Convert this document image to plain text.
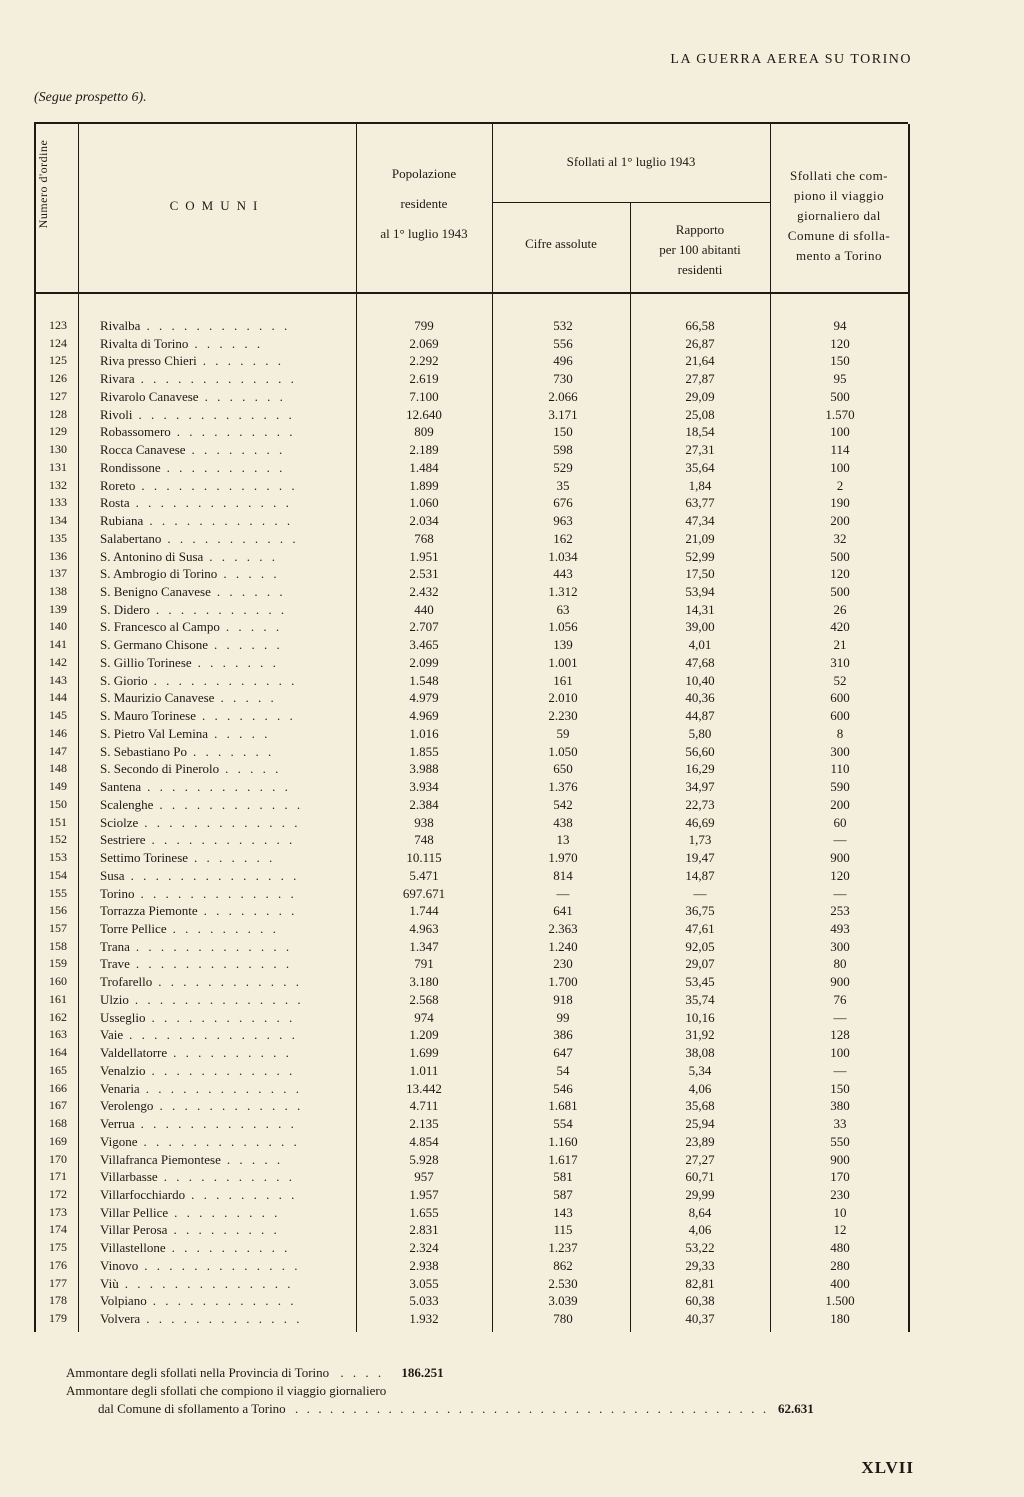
LA GUERRA AEREA SU TORINO
(Segue prospetto 6).
Numero d'ordine	COMUNI
Popolazione
residente
al 1° luglio 1943
Sfollati al 1° luglio 1943
Cifre assolute
Rapporto
per 100 abitanti
residenti
Sfollati che com-
piono il viaggio
giornaliero dal
Comune di sfolla-
mento a Torino
123	Rivalba . . . . . . . . . . . .	799	532	66,58	94
124	Rivalta di Torino . . . . . .	2.069	556	26,87	120
125	Riva presso Chieri . . . . . . .	2.292	496	21,64	150
126	Rivara . . . . . . . . . . . . .	2.619	730	27,87	95
127	Rivarolo Canavese . . . . . . .	7.100	2.066	29,09	500
128	Rivoli . . . . . . . . . . . . .	12.640	3.171	25,08	1.570
129	Robassomero . . . . . . . . . .	809	150	18,54	100
130	Rocca Canavese . . . . . . . .	2.189	598	27,31	114
131	Rondissone . . . . . . . . . .	1.484	529	35,64	100
132	Roreto . . . . . . . . . . . . .	1.899	35	1,84	2
133	Rosta . . . . . . . . . . . . .	1.060	676	63,77	190
134	Rubiana . . . . . . . . . . . .	2.034	963	47,34	200
135	Salabertano . . . . . . . . . . .	768	162	21,09	32
136	S. Antonino di Susa . . . . . .	1.951	1.034	52,99	500
137	S. Ambrogio di Torino . . . . .	2.531	443	17,50	120
138	S. Benigno Canavese . . . . . .	2.432	1.312	53,94	500
139	S. Didero . . . . . . . . . . .	440	63	14,31	26
140	S. Francesco al Campo . . . . .	2.707	1.056	39,00	420
141	S. Germano Chisone . . . . . .	3.465	139	4,01	21
142	S. Gillio Torinese . . . . . . .	2.099	1.001	47,68	310
143	S. Giorio . . . . . . . . . . . .	1.548	161	10,40	52
144	S. Maurizio Canavese . . . . .	4.979	2.010	40,36	600
145	S. Mauro Torinese . . . . . . . .	4.969	2.230	44,87	600
146	S. Pietro Val Lemina . . . . .	1.016	59	5,80	8
147	S. Sebastiano Po . . . . . . .	1.855	1.050	56,60	300
148	S. Secondo di Pinerolo . . . . .	3.988	650	16,29	110
149	Santena . . . . . . . . . . . .	3.934	1.376	34,97	590
150	Scalenghe . . . . . . . . . . . .	2.384	542	22,73	200
151	Sciolze . . . . . . . . . . . . .	938	438	46,69	60
152	Sestriere . . . . . . . . . . . .	748	13	1,73	—
153	Settimo Torinese . . . . . . .	10.115	1.970	19,47	900
154	Susa . . . . . . . . . . . . . .	5.471	814	14,87	120
155	Torino . . . . . . . . . . . . .	697.671	—	—	—
156	Torrazza Piemonte . . . . . . . .	1.744	641	36,75	253
157	Torre Pellice . . . . . . . . .	4.963	2.363	47,61	493
158	Trana . . . . . . . . . . . . .	1.347	1.240	92,05	300
159	Trave . . . . . . . . . . . . .	791	230	29,07	80
160	Trofarello . . . . . . . . . . . .	3.180	1.700	53,45	900
161	Ulzio . . . . . . . . . . . . . .	2.568	918	35,74	76
162	Usseglio . . . . . . . . . . . .	974	99	10,16	—
163	Vaie . . . . . . . . . . . . . .	1.209	386	31,92	128
164	Valdellatorre . . . . . . . . . .	1.699	647	38,08	100
165	Venalzio . . . . . . . . . . . .	1.011	54	5,34	—
166	Venaria . . . . . . . . . . . . .	13.442	546	4,06	150
167	Verolengo . . . . . . . . . . . .	4.711	1.681	35,68	380
168	Verrua . . . . . . . . . . . . .	2.135	554	25,94	33
169	Vigone . . . . . . . . . . . . .	4.854	1.160	23,89	550
170	Villafranca Piemontese . . . . .	5.928	1.617	27,27	900
171	Villarbasse . . . . . . . . . . .	957	581	60,71	170
172	Villarfocchiardo . . . . . . . . .	1.957	587	29,99	230
173	Villar Pellice . . . . . . . . .	1.655	143	8,64	10
174	Villar Perosa . . . . . . . . .	2.831	115	4,06	12
175	Villastellone . . . . . . . . . .	2.324	1.237	53,22	480
176	Vinovo . . . . . . . . . . . . .	2.938	862	29,33	280
177	Viù . . . . . . . . . . . . . .	3.055	2.530	82,81	400
178	Volpiano . . . . . . . . . . . .	5.033	3.039	60,38	1.500
179	Volvera . . . . . . . . . . . . .	1.932	780	40,37	180
Ammontare degli sfollati nella Provincia di Torino . . . . 186.251
Ammontare degli sfollati che compiono il viaggio giornaliero
dal Comune di sfollamento a Torino . . . . . . . . . . . . . . . . . . . . . . . . . . . . . . . . . . . . . . . . . 62.631
XLVII
